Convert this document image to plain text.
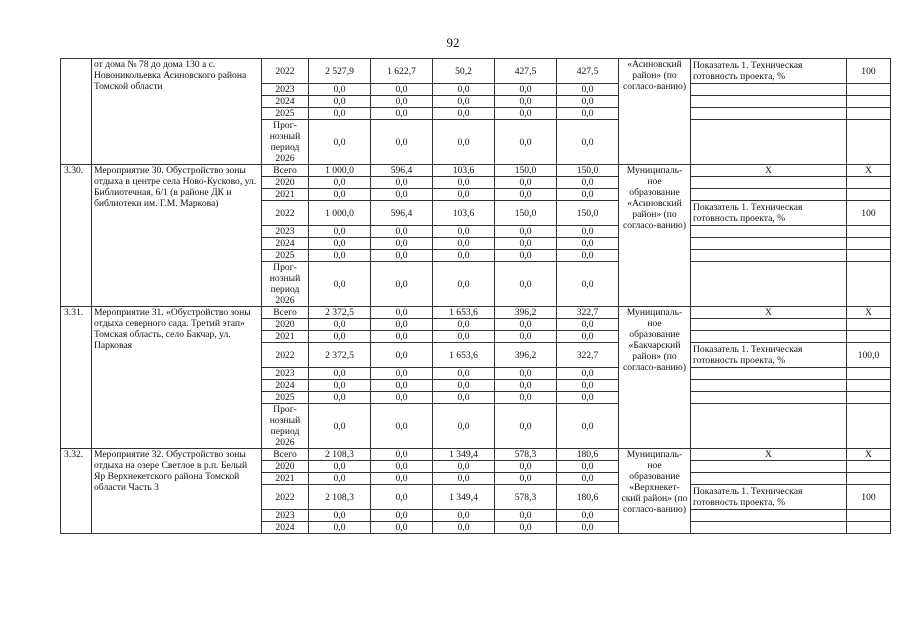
92
	от дома № 78 до дома 130 а с. Новоникольевка Асиновского района Томской области	2022	2 527,9	1 622,7	50,2	427,5	427,5	«Асиновский район» (по согласо-ванию)	Показатель 1. Техническая готовность проекта, %	100
		2023	0,0	0,0	0,0	0,0	0,0			
		2024	0,0	0,0	0,0	0,0	0,0			
		2025	0,0	0,0	0,0	0,0	0,0			
		Прог-нозный период 2026	0,0	0,0	0,0	0,0	0,0			
3.30.	Мероприятие 30. Обустройство зоны отдыха в центре села Ново-Кусково, ул. Библиотечная, 6/1 (в районе ДК и библиотеки им. Г.М. Маркова)	Всего	1 000,0	596,4	103,6	150,0	150,0	Муниципаль-ное образование «Асиновский район» (по согласо-ванию)	X	X
		2020	0,0	0,0	0,0	0,0	0,0			
		2021	0,0	0,0	0,0	0,0	0,0			
		2022	1 000,0	596,4	103,6	150,0	150,0		Показатель 1. Техническая готовность проекта, %	100
		2023	0,0	0,0	0,0	0,0	0,0			
		2024	0,0	0,0	0,0	0,0	0,0			
		2025	0,0	0,0	0,0	0,0	0,0			
		Прог-нозный период 2026	0,0	0,0	0,0	0,0	0,0			
3.31.	Мероприятие 31. «Обустройство зоны отдыха северного сада. Третий этап» Томская область, село Бакчар, ул. Парковая	Всего	2 372,5	0,0	1 653,6	396,2	322,7	Муниципаль-ное образование «Бакчарский район» (по согласо-ванию)	X	X
		2020	0,0	0,0	0,0	0,0	0,0			
		2021	0,0	0,0	0,0	0,0	0,0			
		2022	2 372,5	0,0	1 653,6	396,2	322,7		Показатель 1. Техническая готовность проекта, %	100,0
		2023	0,0	0,0	0,0	0,0	0,0			
		2024	0,0	0,0	0,0	0,0	0,0			
		2025	0,0	0,0	0,0	0,0	0,0			
		Прог-нозный период 2026	0,0	0,0	0,0	0,0	0,0			
3.32.	Мероприятие 32. Обустройство зоны отдыха на озере Светлое в р.п. Белый Яр Верхнекетского района Томской области Часть 3	Всего	2 108,3	0,0	1 349,4	578,3	180,6	Муниципаль-ное образование «Верхнекет-ский район» (по согласо-ванию)	X	X
		2020	0,0	0,0	0,0	0,0	0,0			
		2021	0,0	0,0	0,0	0,0	0,0			
		2022	2 108,3	0,0	1 349,4	578,3	180,6		Показатель 1. Техническая готовность проекта, %	100
		2023	0,0	0,0	0,0	0,0	0,0			
		2024	0,0	0,0	0,0	0,0	0,0			
